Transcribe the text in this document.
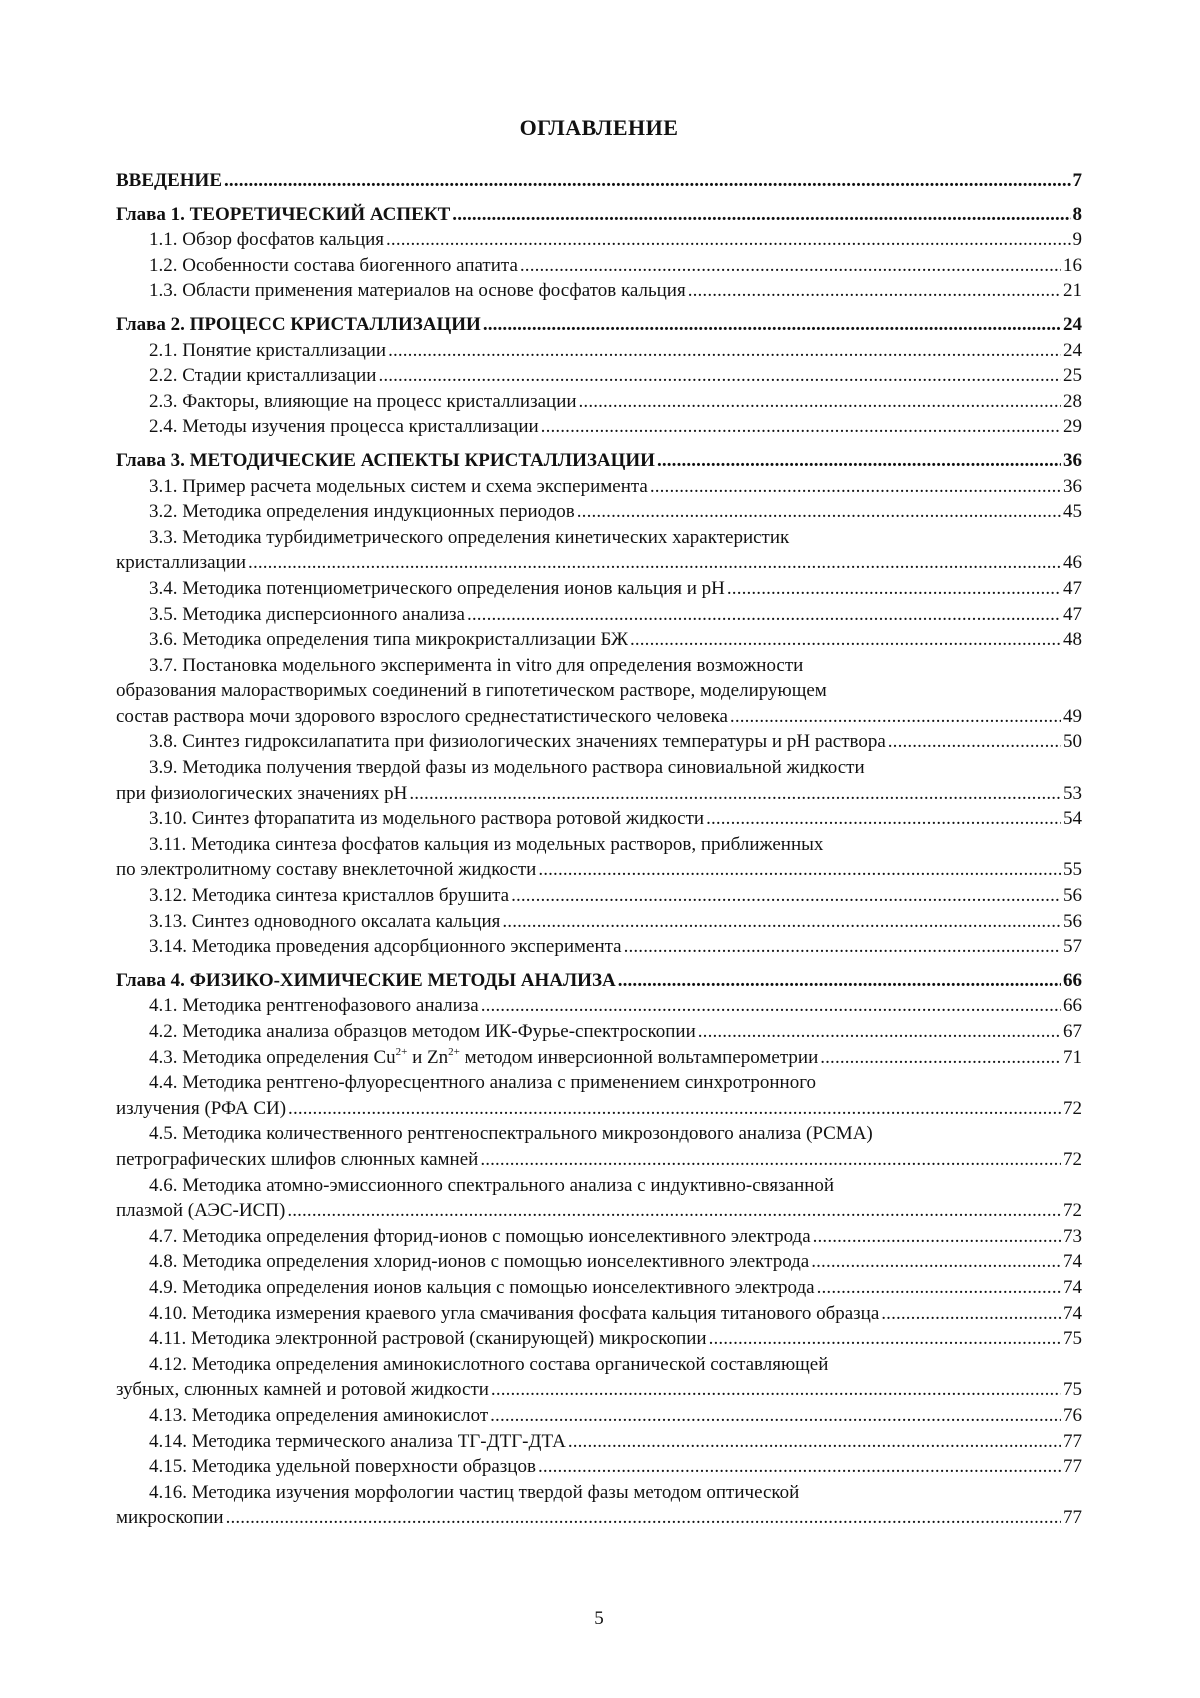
ОГЛАВЛЕНИЕ
ВВЕДЕНИЕ . . .	7
Глава 1. ТЕОРЕТИЧЕСКИЙ АСПЕКТ . . .	8
1.1. Обзор фосфатов кальция . . .	9
1.2. Особенности состава биогенного апатита . . .	16
1.3. Области применения материалов на основе фосфатов кальция . . .	21
Глава 2. ПРОЦЕСС КРИСТАЛЛИЗАЦИИ . . .	24
2.1. Понятие кристаллизации . . .	24
2.2. Стадии кристаллизации . . .	25
2.3. Факторы, влияющие на процесс кристаллизации . . .	28
2.4. Методы изучения процесса кристаллизации . . .	29
Глава 3. МЕТОДИЧЕСКИЕ АСПЕКТЫ КРИСТАЛЛИЗАЦИИ . . .	36
3.1. Пример расчета модельных систем и схема эксперимента . . .	36
3.2. Методика определения индукционных периодов . . .	45
3.3. Методика турбидиметрического определения кинетических характеристик
кристаллизации . . .	46
3.4. Методика потенциометрического определения ионов кальция и pH . . .	47
3.5. Методика дисперсионного анализа . . .	47
3.6. Методика определения типа микрокристаллизации БЖ . . .	48
3.7. Постановка модельного эксперимента in vitro для определения возможности
образования малорастворимых соединений в гипотетическом растворе, моделирующем
состав раствора мочи здорового взрослого среднестатистического человека . . .	49
3.8. Синтез гидроксилапатита при физиологических значениях температуры и pH раствора . . .	50
3.9. Методика получения твердой фазы из модельного раствора синовиальной жидкости
при физиологических значениях pH . . .	53
3.10. Синтез фторапатита из модельного раствора ротовой жидкости . . .	54
3.11. Методика синтеза фосфатов кальция из модельных растворов, приближенных
по электролитному составу внеклеточной жидкости . . .	55
3.12. Методика синтеза кристаллов брушита . . .	56
3.13. Синтез одноводного оксалата кальция . . .	56
3.14. Методика проведения адсорбционного эксперимента . . .	57
Глава 4. ФИЗИКО-ХИМИЧЕСКИЕ МЕТОДЫ АНАЛИЗА . . .	66
4.1. Методика рентгенофазового анализа . . .	66
4.2. Методика анализа образцов методом ИК-Фурье-спектроскопии . . .	67
4.3. Методика определения $Cu^{2+}$ и $Zn^{2+}$ методом инверсионной вольтамперометрии . . .	71
4.4. Методика рентгено-флуоресцентного анализа с применением синхротронного
излучения (РФА СИ) . . .	72
4.5. Методика количественного рентгеноспектрального микрозондового анализа (РСМА)
петрографических шлифов слюнных камней . . .	72
4.6. Методика атомно-эмиссионного спектрального анализа с индуктивно-связанной
плазмой (АЭС-ИСП) . . .	72
4.7. Методика определения фторид-ионов с помощью ионселективного электрода . . .	73
4.8. Методика определения хлорид-ионов с помощью ионселективного электрода . . .	74
4.9. Методика определения ионов кальция с помощью ионселективного электрода . . .	74
4.10. Методика измерения краевого угла смачивания фосфата кальция титанового образца . . .	74
4.11. Методика электронной растровой (сканирующей) микроскопии . . .	75
4.12. Методика определения аминокислотного состава органической составляющей
зубных, слюнных камней и ротовой жидкости . . .	75
4.13. Методика определения аминокислот . . .	76
4.14. Методика термического анализа ТГ-ДТГ-ДТА . . .	77
4.15. Методика удельной поверхности образцов . . .	77
4.16. Методика изучения морфологии частиц твердой фазы методом оптической
микроскопии . . .	77
5
